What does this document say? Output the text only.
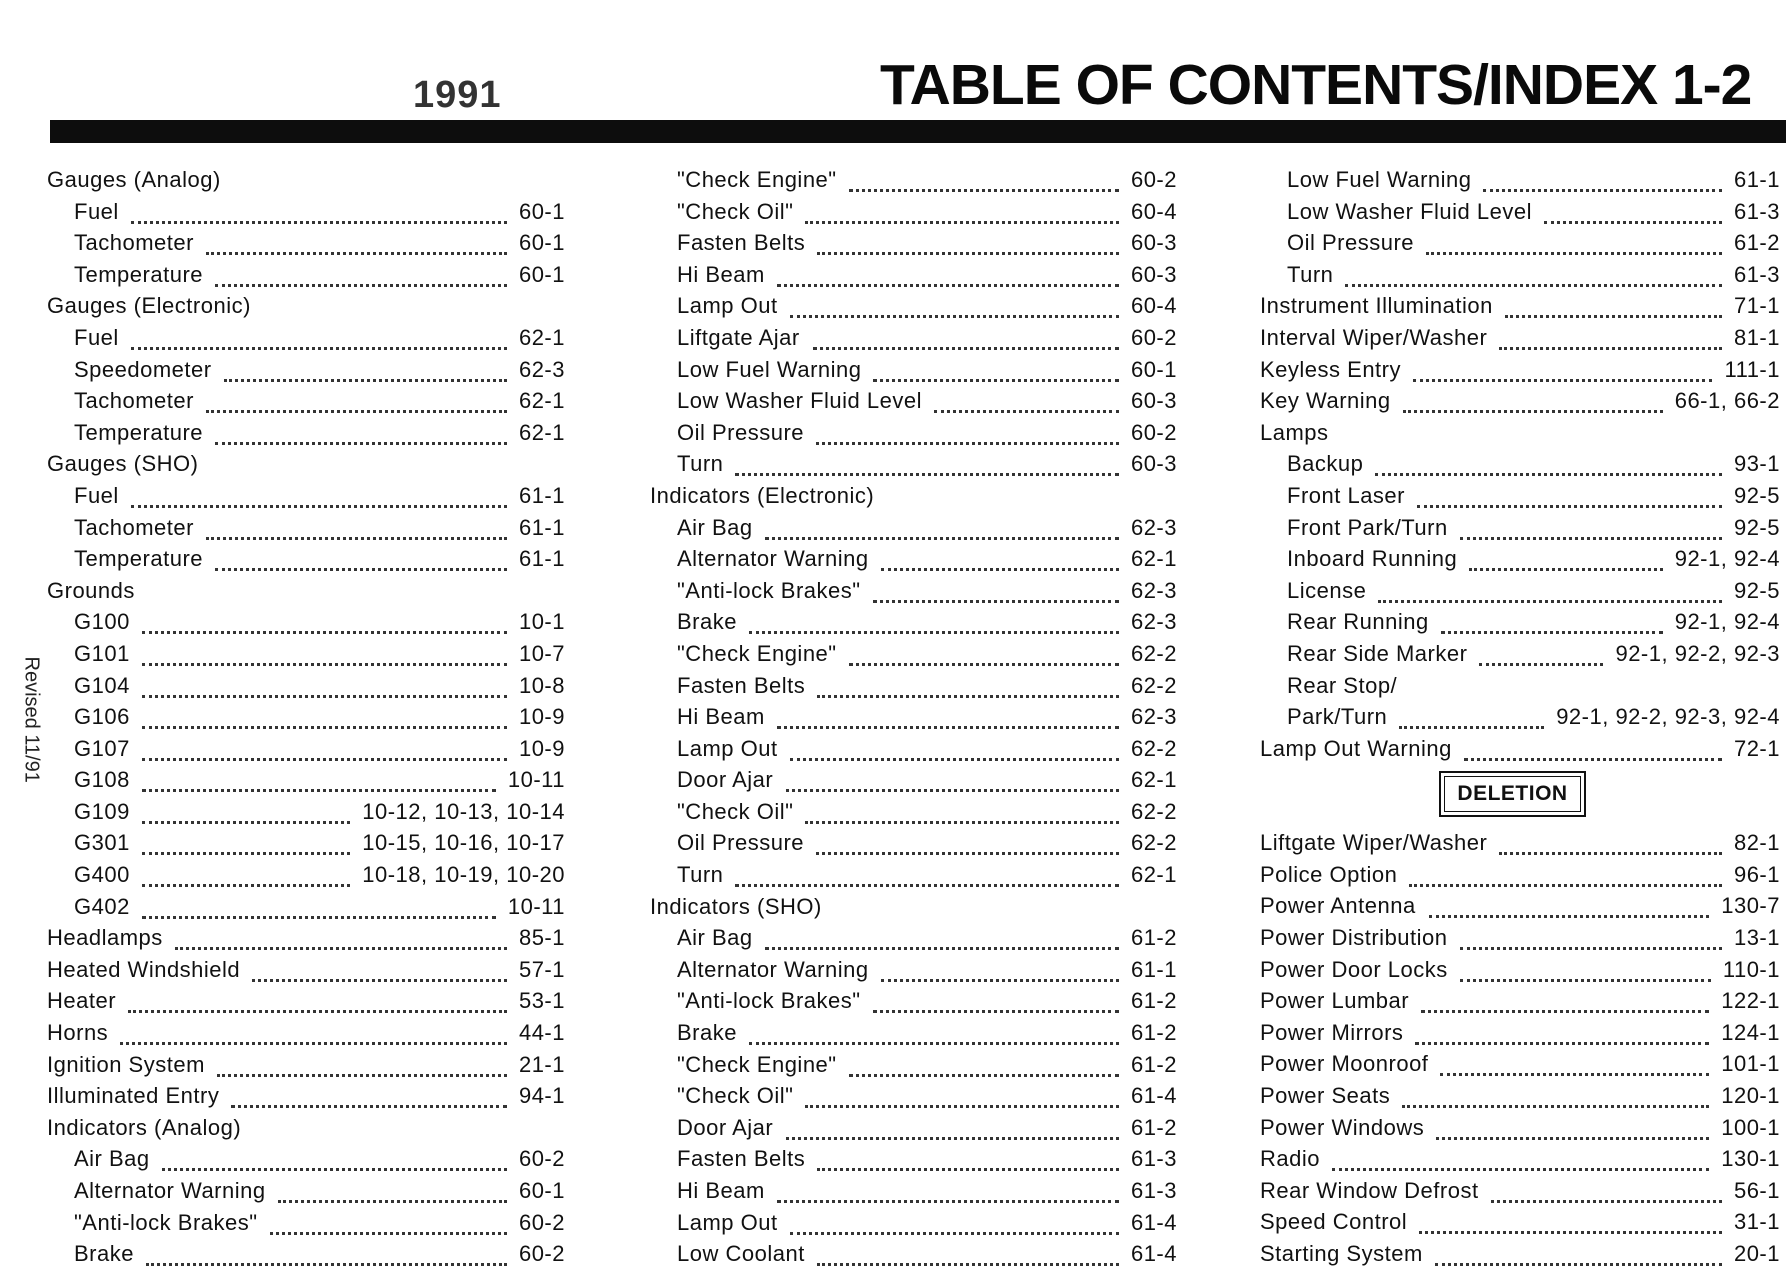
1991	TABLE OF CONTENTS/INDEX 1-2
Revised 11/91
Gauges (Analog)
Fuel	60-1
Tachometer	60-1
Temperature	60-1
Gauges (Electronic)
Fuel	62-1
Speedometer	62-3
Tachometer	62-1
Temperature	62-1
Gauges (SHO)
Fuel	61-1
Tachometer	61-1
Temperature	61-1
Grounds
G100	10-1
G101	10-7
G104	10-8
G106	10-9
G107	10-9
G108	10-11
G109	10-12, 10-13, 10-14
G301	10-15, 10-16, 10-17
G400	10-18, 10-19, 10-20
G402	10-11
Headlamps	85-1
Heated Windshield	57-1
Heater	53-1
Horns	44-1
Ignition System	21-1
Illuminated Entry	94-1
Indicators (Analog)
Air Bag	60-2
Alternator Warning	60-1
"Anti-lock Brakes"	60-2
Brake	60-2
"Check Engine"	60-2
"Check Oil"	60-4
Fasten Belts	60-3
Hi Beam	60-3
Lamp Out	60-4
Liftgate Ajar	60-2
Low Fuel Warning	60-1
Low Washer Fluid Level	60-3
Oil Pressure	60-2
Turn	60-3
Indicators (Electronic)
Air Bag	62-3
Alternator Warning	62-1
"Anti-lock Brakes"	62-3
Brake	62-3
"Check Engine"	62-2
Fasten Belts	62-2
Hi Beam	62-3
Lamp Out	62-2
Door Ajar	62-1
"Check Oil"	62-2
Oil Pressure	62-2
Turn	62-1
Indicators (SHO)
Air Bag	61-2
Alternator Warning	61-1
"Anti-lock Brakes"	61-2
Brake	61-2
"Check Engine"	61-2
"Check Oil"	61-4
Door Ajar	61-2
Fasten Belts	61-3
Hi Beam	61-3
Lamp Out	61-4
Low Coolant	61-4
Low Fuel Warning	61-1
Low Washer Fluid Level	61-3
Oil Pressure	61-2
Turn	61-3
Instrument Illumination	71-1
Interval Wiper/Washer	81-1
Keyless Entry	111-1
Key Warning	66-1, 66-2
Lamps
Backup	93-1
Front Laser	92-5
Front Park/Turn	92-5
Inboard Running	92-1, 92-4
License	92-5
Rear Running	92-1, 92-4
Rear Side Marker	92-1, 92-2, 92-3
Rear Stop/
Park/Turn	92-1, 92-2, 92-3, 92-4
Lamp Out Warning	72-1
DELETION
Liftgate Wiper/Washer	82-1
Police Option	96-1
Power Antenna	130-7
Power Distribution	13-1
Power Door Locks	110-1
Power Lumbar	122-1
Power Mirrors	124-1
Power Moonroof	101-1
Power Seats	120-1
Power Windows	100-1
Radio	130-1
Rear Window Defrost	56-1
Speed Control	31-1
Starting System	20-1
